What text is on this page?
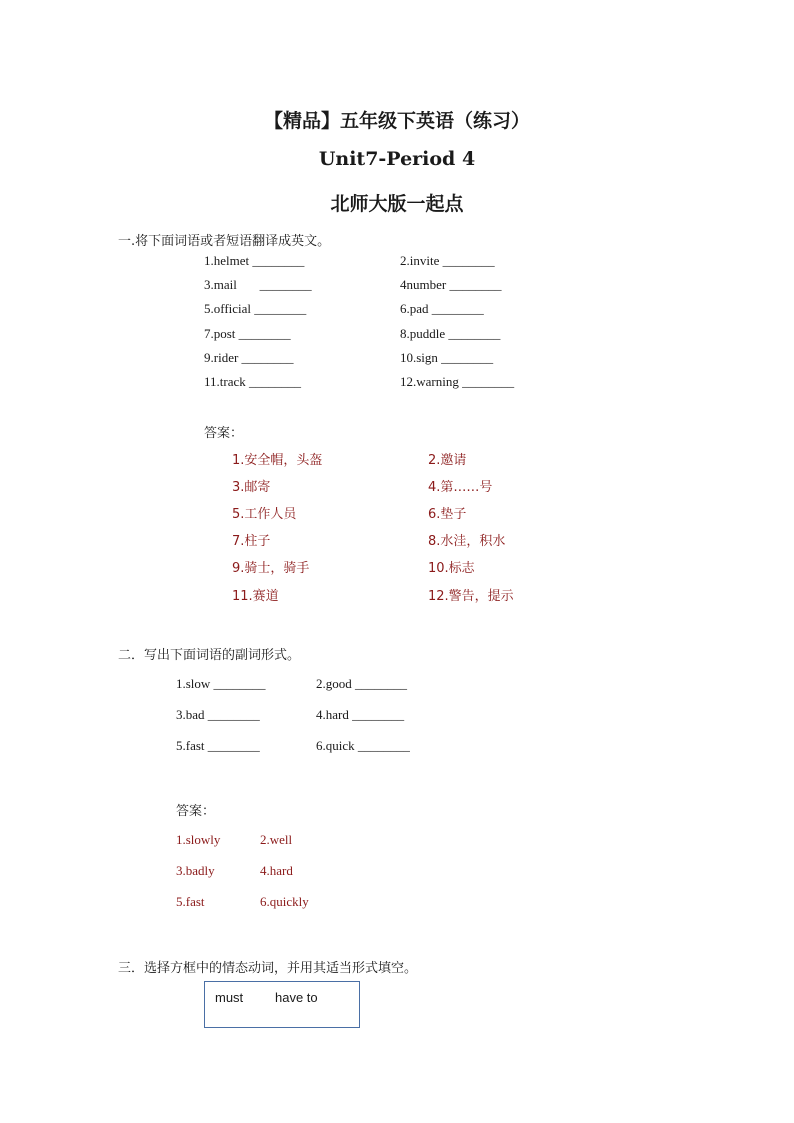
【精品】五年级下英语（练习）
Unit7-Period 4
北师大版一起点
一.将下面词语或者短语翻译成英文。
1.helmet ________	2.invite ________
3.mail       ________	4number ________
5.official ________	6.pad ________
7.post ________	8.puddle ________
9.rider ________	10.sign ________
11.track ________	12.warning ________
答案：
1.安全帽，头盔	2.邀请
3.邮寄	4.第……号
5.工作人员	6.垫子
7.柱子	8.水洼，积水
9.骑士，骑手	10.标志
11.赛道	12.警告，提示
二．写出下面词语的副词形式。
1.slow ________	2.good ________
3.bad ________	4.hard ________
5.fast ________	6.quick ________
答案：
1.slowly	2.well
3.badly	4.hard
5.fast	6.quickly
三．选择方框中的情态动词，并用其适当形式填空。
must have to
